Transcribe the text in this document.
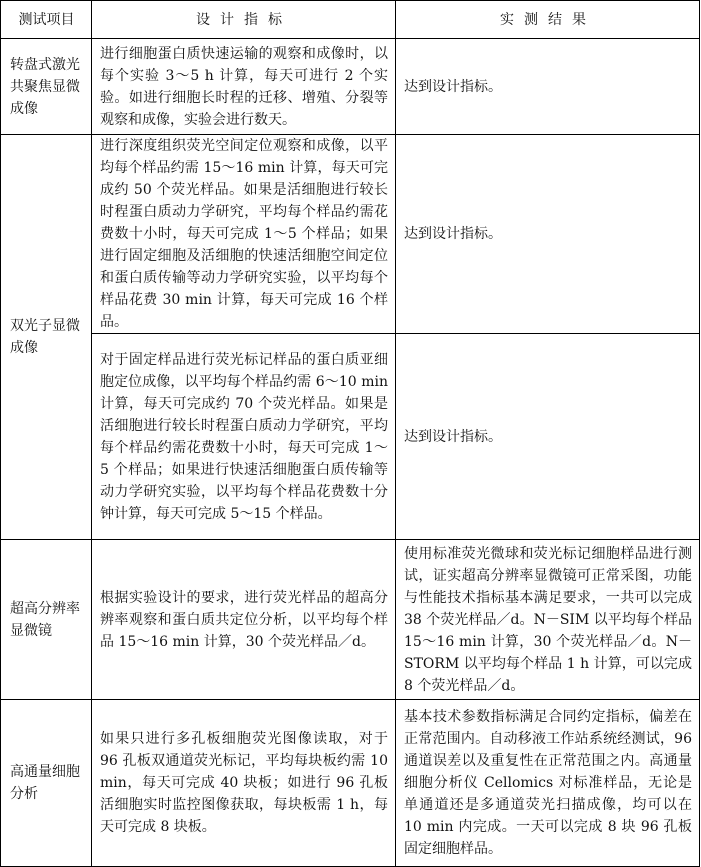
测试项目	设计指标	实测结果
转盘式激光共聚焦显微成像	进行细胞蛋白质快速运输的观察和成像时，以每个实验 3～5 h 计算，每天可进行 2 个实验。如进行细胞长时程的迁移、增殖、分裂等观察和成像，实验会进行数天。	达到设计指标。
双光子显微成像	进行深度组织荧光空间定位观察和成像，以平均每个样品约需 15～16 min 计算，每天可完成约 50 个荧光样品。如果是活细胞进行较长时程蛋白质动力学研究，平均每个样品约需花费数十小时，每天可完成 1～5 个样品；如果进行固定细胞及活细胞的快速活细胞空间定位和蛋白质传输等动力学研究实验，以平均每个样品花费 30 min 计算，每天可完成 16 个样品。	达到设计指标。
	对于固定样品进行荧光标记样品的蛋白质亚细胞定位成像，以平均每个样品约需 6～10 min 计算，每天可完成约 70 个荧光样品。如果是活细胞进行较长时程蛋白质动力学研究，平均每个样品约需花费数十小时，每天可完成 1～5 个样品；如果进行快速活细胞蛋白质传输等动力学研究实验，以平均每个样品花费数十分钟计算，每天可完成 5～15 个样品。	达到设计指标。
超高分辨率显微镜	根据实验设计的要求，进行荧光样品的超高分辨率观察和蛋白质共定位分析，以平均每个样品 15～16 min 计算，30 个荧光样品／d。	使用标准荧光微球和荧光标记细胞样品进行测试，证实超高分辨率显微镜可正常采图，功能与性能技术指标基本满足要求，一共可以完成 38 个荧光样品／d。N－SIM 以平均每个样品 15～16 min 计算，30 个荧光样品／d。N－STORM 以平均每个样品 1 h 计算，可以完成 8 个荧光样品／d。
高通量细胞分析	如果只进行多孔板细胞荧光图像读取，对于 96 孔板双通道荧光标记，平均每块板约需 10 min，每天可完成 40 块板；如进行 96 孔板活细胞实时监控图像获取，每块板需 1 h，每天可完成 8 块板。	基本技术参数指标满足合同约定指标，偏差在正常范围内。自动移液工作站系统经测试，96 通道误差以及重复性在正常范围之内。高通量细胞分析仪 Cellomics 对标准样品，无论是单通道还是多通道荧光扫描成像，均可以在 10 min 内完成。一天可以完成 8 块 96 孔板固定细胞样品。
